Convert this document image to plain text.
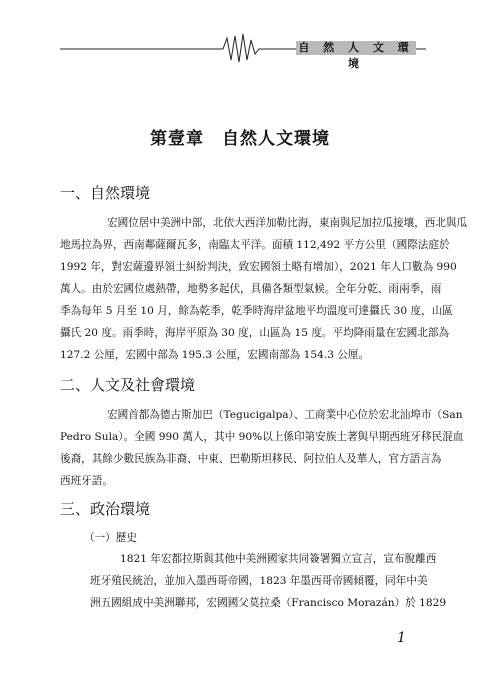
自 然 人 文 環 境
第壹章　自然人文環境
一、自然環境
宏國位居中美洲中部，北依大西洋加勒比海，東南與尼加拉瓜接壤，西北與瓜
地馬拉為界，西南鄰薩爾瓦多，南臨太平洋。面積 112,492 平方公里（國際法庭於
1992 年，對宏薩邊界領土糾紛判決，致宏國領土略有增加），2021 年人口數為 990
萬人。由於宏國位處熱帶，地勢多起伏，具備各類型氣候。全年分乾、雨兩季，雨
季為每年 5 月至 10 月，餘為乾季，乾季時海岸盆地平均溫度可達攝氏 30 度，山區
攝氏 20 度。雨季時，海岸平原為 30 度，山區為 15 度。平均降雨量在宏國北部為
127.2 公厘，宏國中部為 195.3 公厘，宏國南部為 154.3 公厘。
二、人文及社會環境
宏國首都為德古斯加巴（Tegucigalpa）、工商業中心位於宏北汕埠市（San
Pedro Sula）。全國 990 萬人，其中 90%以上係印第安族土著與早期西班牙移民混血
後裔，其餘少數民族為非裔、中東、巴勒斯坦移民、阿拉伯人及華人，官方語言為
西班牙語。
三、政治環境
（一）歷史
1821 年宏都拉斯與其他中美洲國家共同簽署獨立宣言，宣布脫離西
班牙殖民統治，並加入墨西哥帝國，1823 年墨西哥帝國傾覆，同年中美
洲五國組成中美洲聯邦，宏國國父莫拉桑（Francisco Morazán）於 1829
1
